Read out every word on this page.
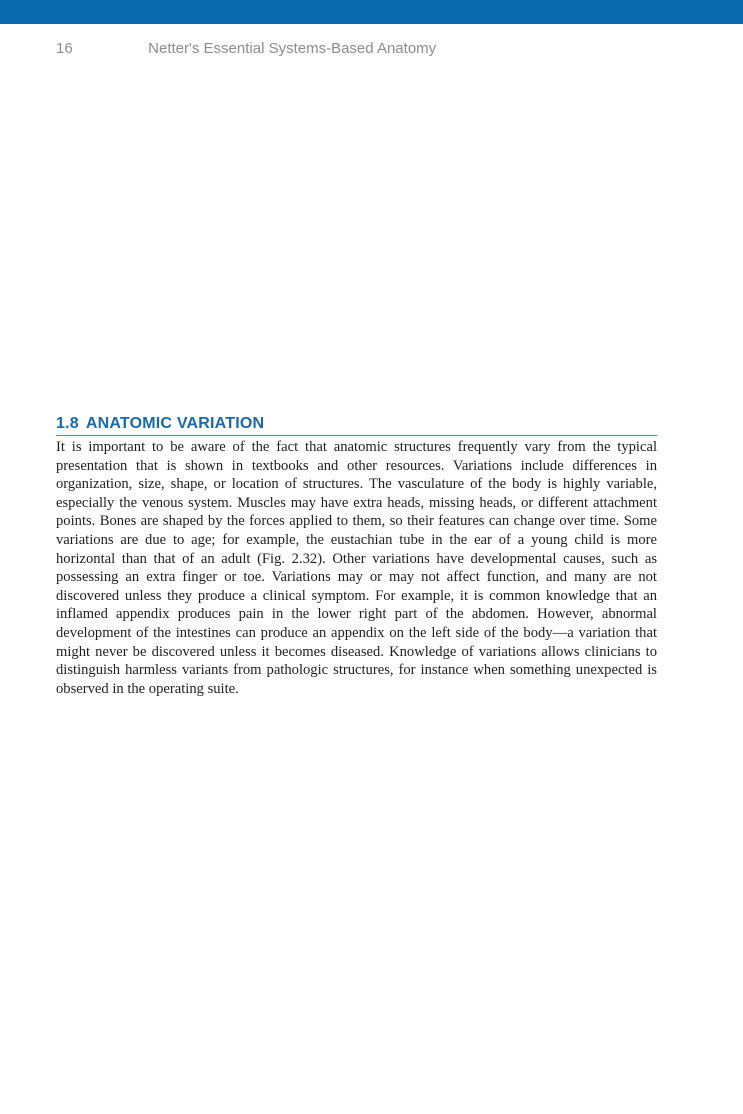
16	Netter's Essential Systems-Based Anatomy
1.8 ANATOMIC VARIATION

It is important to be aware of the fact that anatomic structures frequently vary from the typical presentation that is shown in textbooks and other resources. Variations include differences in organization, size, shape, or location of structures. The vasculature of the body is highly variable, especially the venous system. Muscles may have extra heads, missing heads, or different attachment points. Bones are shaped by the forces applied to them, so their features can change over time. Some variations are due to age; for example, the eustachian tube in the ear of a young child is more horizontal than that of an adult (Fig. 2.32). Other variations have developmental causes, such as possessing an extra finger or toe. Variations may or may not affect function, and many are not discovered unless they produce a clinical symptom. For example, it is common knowledge that an inflamed appendix produces pain in the lower right part of the abdomen. However, abnormal development of the intestines can produce an appendix on the left side of the body—a variation that might never be discovered unless it becomes diseased. Knowledge of variations allows clinicians to distinguish harmless variants from pathologic structures, for instance when something unexpected is observed in the operating suite.
